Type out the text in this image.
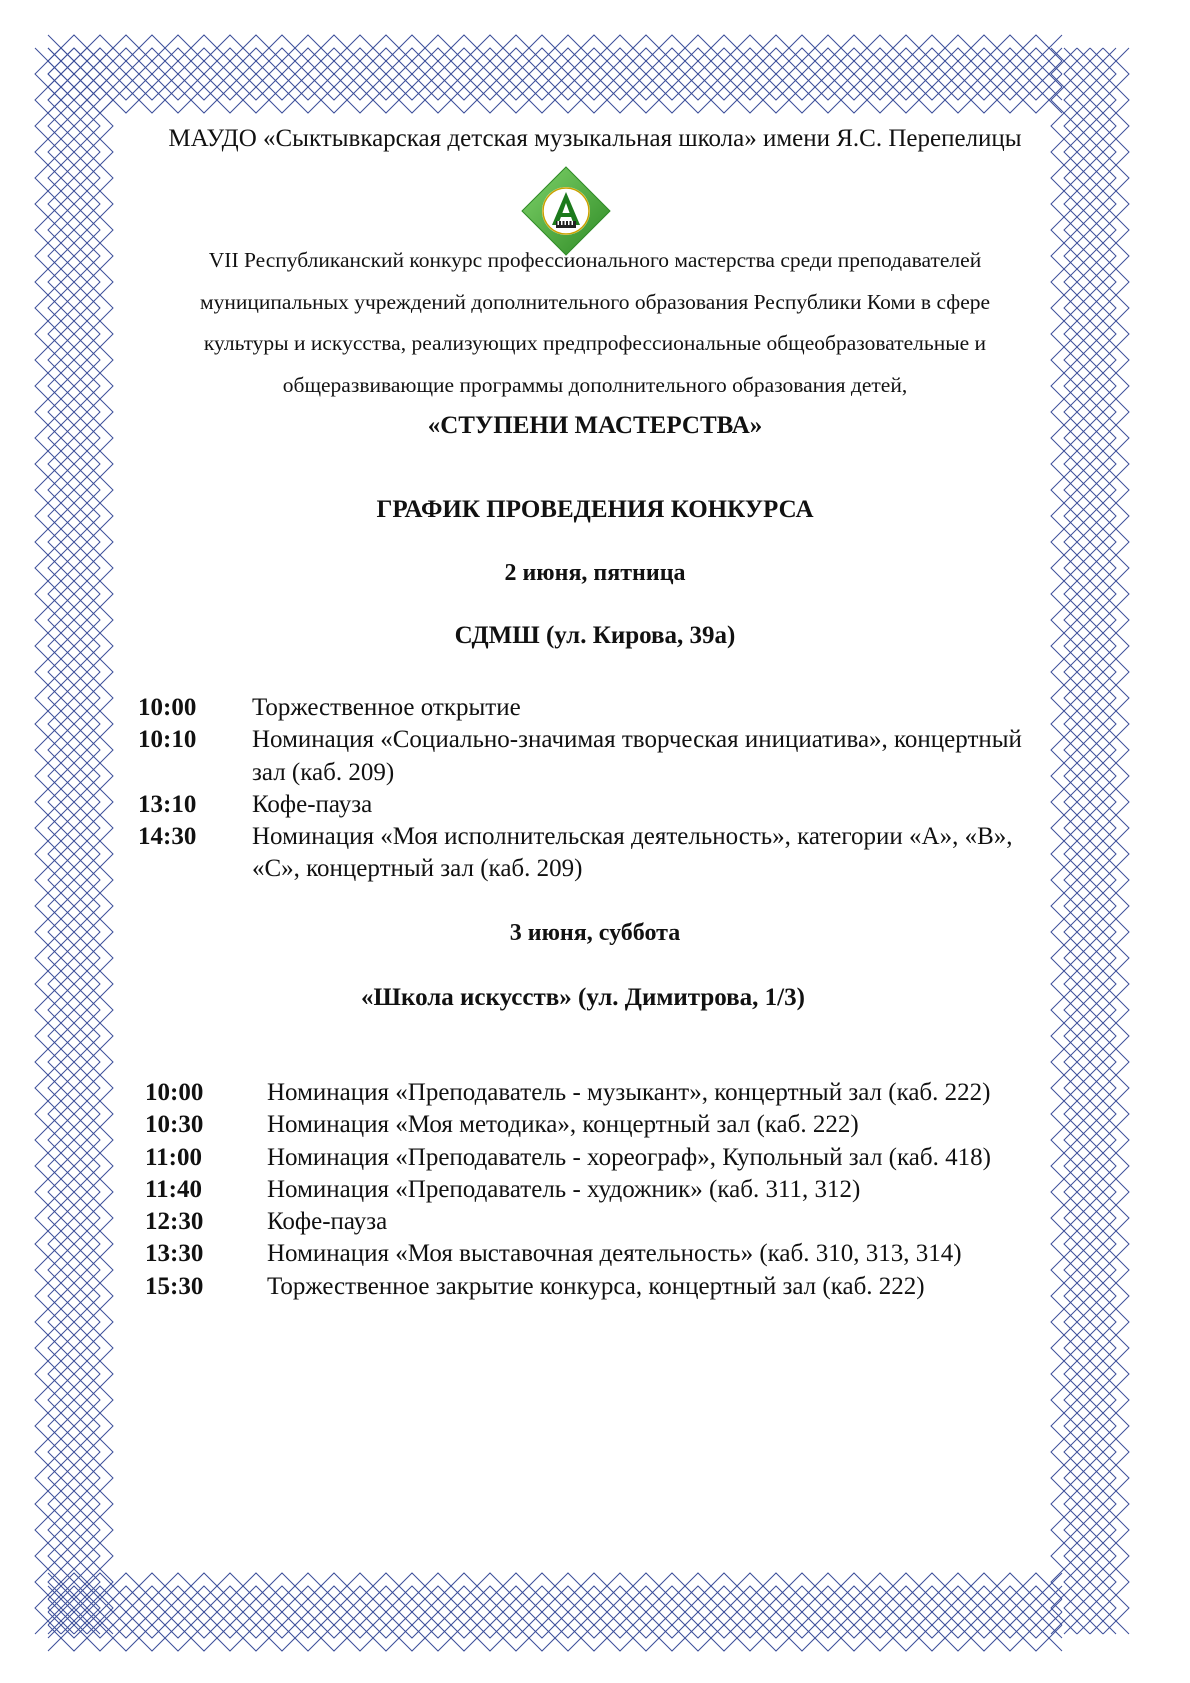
МАУДО «Сыктывкарская детская музыкальная школа» имени Я.С. Перепелицы
VII Республиканский конкурс профессионального мастерства среди преподавателей
муниципальных учреждений дополнительного образования Республики Коми в сфере
культуры и искусства, реализующих предпрофессиональные общеобразовательные и
общеразвивающие программы дополнительного образования детей,
«СТУПЕНИ МАСТЕРСТВА»
ГРАФИК ПРОВЕДЕНИЯ КОНКУРСА
2 июня, пятница
СДМШ (ул. Кирова, 39а)
10:00	Торжественное открытие
10:10	Номинация «Социально-значимая творческая инициатива», концертный зал (каб. 209)
13:10	Кофе-пауза
14:30	Номинация «Моя исполнительская деятельность», категории «А», «В», «С», концертный зал (каб. 209)
3 июня, суббота
«Школа искусств» (ул. Димитрова, 1/3)
10:00	Номинация «Преподаватель - музыкант», концертный зал (каб. 222)
10:30	Номинация «Моя методика», концертный зал (каб. 222)
11:00	Номинация «Преподаватель - хореограф», Купольный зал (каб. 418)
11:40	Номинация «Преподаватель - художник» (каб. 311, 312)
12:30	Кофе-пауза
13:30	Номинация «Моя выставочная деятельность» (каб. 310, 313, 314)
15:30	Торжественное закрытие конкурса, концертный зал (каб. 222)
